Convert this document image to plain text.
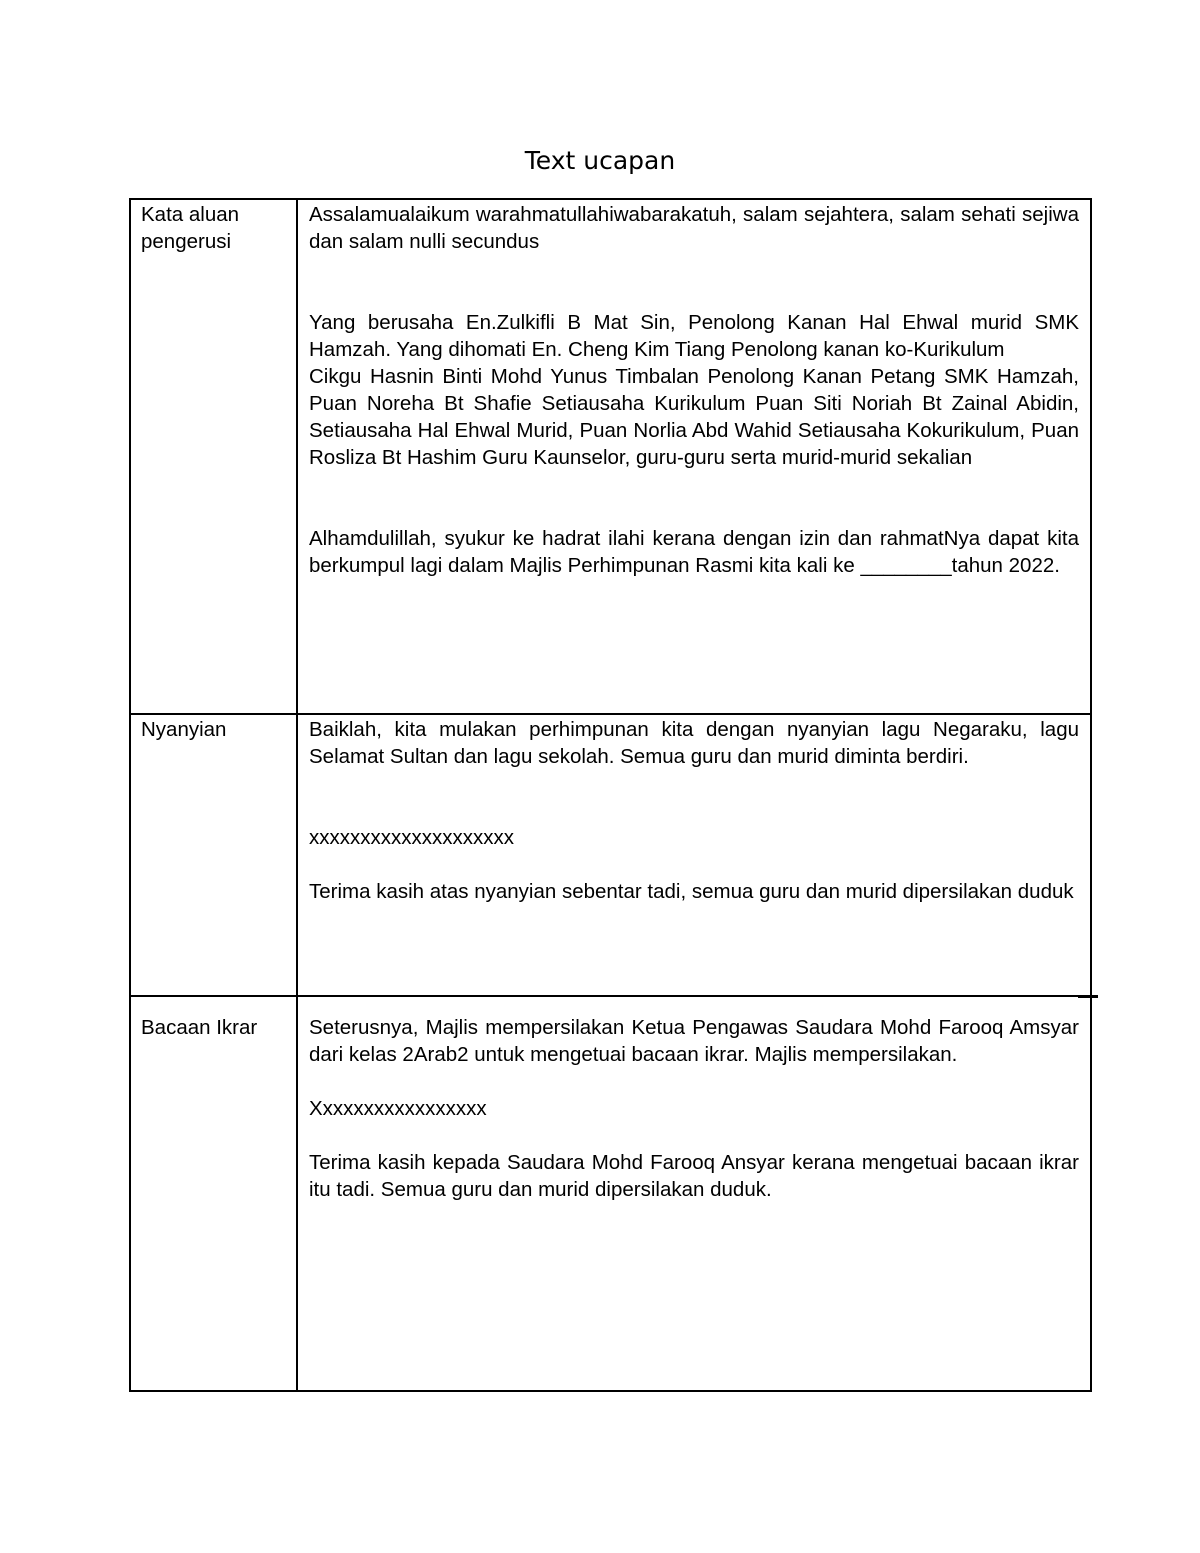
Text ucapan
Kata aluan pengerusi

Assalamualaikum warahmatullahiwabarakatuh, salam sejahtera, salam sehati sejiwa dan salam nulli secundus

Yang berusaha En.Zulkifli B Mat Sin, Penolong Kanan Hal Ehwal murid SMK Hamzah. Yang dihomati En. Cheng Kim Tiang Penolong kanan ko-Kurikulum

Cikgu Hasnin Binti Mohd Yunus Timbalan Penolong Kanan Petang SMK Hamzah, Puan Noreha Bt Shafie Setiausaha Kurikulum Puan Siti Noriah Bt Zainal Abidin, Setiausaha Hal Ehwal Murid, Puan Norlia Abd Wahid Setiausaha Kokurikulum, Puan Rosliza Bt Hashim Guru Kaunselor, guru-guru serta murid-murid sekalian

Alhamdulillah, syukur ke hadrat ilahi kerana dengan izin dan rahmatNya dapat kita berkumpul lagi dalam Majlis Perhimpunan Rasmi kita kali ke ________tahun 2022.

Nyanyian	Baiklah, kita mulakan perhimpunan kita dengan nyanyian lagu Negaraku, lagu Selamat Sultan dan lagu sekolah. Semua guru dan murid diminta berdiri.

xxxxxxxxxxxxxxxxxxxx

Terima kasih atas nyanyian sebentar tadi, semua guru dan murid dipersilakan duduk

Bacaan Ikrar	Seterusnya, Majlis mempersilakan Ketua Pengawas Saudara Mohd Farooq Amsyar dari kelas 2Arab2 untuk mengetuai bacaan ikrar. Majlis mempersilakan.

Xxxxxxxxxxxxxxxxx

Terima kasih kepada Saudara Mohd Farooq Ansyar kerana mengetuai bacaan ikrar itu tadi. Semua guru dan murid dipersilakan duduk.
